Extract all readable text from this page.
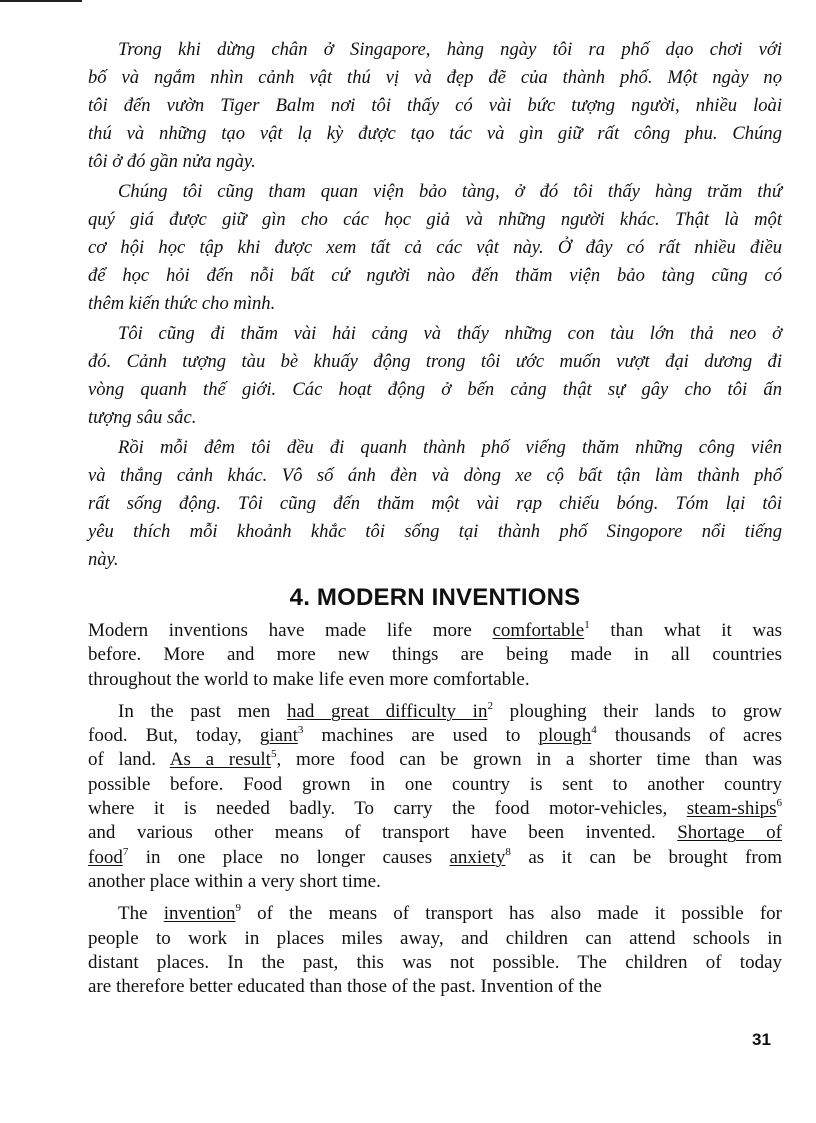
Trong khi dừng chân ở Singapore, hàng ngày tôi ra phố dạo chơi với
bố và ngắm nhìn cảnh vật thú vị và đẹp đẽ của thành phố. Một ngày nọ
tôi đến vườn Tiger Balm nơi tôi thấy có vài bức tượng người, nhiều loài
thú và những tạo vật lạ kỳ được tạo tác và gìn giữ rất công phu. Chúng
tôi ở đó gần nửa ngày.
Chúng tôi cũng tham quan viện bảo tàng, ở đó tôi thấy hàng trăm thứ
quý giá được giữ gìn cho các học giả và những người khác. Thật là một
cơ hội học tập khi được xem tất cả các vật này. Ở đây có rất nhiều điều
để học hỏi đến nỗi bất cứ người nào đến thăm viện bảo tàng cũng có
thêm kiến thức cho mình.
Tôi cũng đi thăm vài hải cảng và thấy những con tàu lớn thả neo ở
đó. Cảnh tượng tàu bè khuấy động trong tôi ước muốn vượt đại dương đi
vòng quanh thế giới. Các hoạt động ở bến cảng thật sự gây cho tôi ấn
tượng sâu sắc.
Rồi mỗi đêm tôi đều đi quanh thành phố viếng thăm những công viên
và thắng cảnh khác. Vô số ánh đèn và dòng xe cộ bất tận làm thành phố
rất sống động. Tôi cũng đến thăm một vài rạp chiếu bóng. Tóm lại tôi
yêu thích mỗi khoảnh khắc tôi sống tại thành phố Singopore nổi tiếng
này.
4. MODERN INVENTIONS
Modern inventions have made life more comfortable$^1$ than what it was
before. More and more new things are being made in all countries
throughout the world to make life even more comfortable.
In the past men had great difficulty $in^2$ ploughing their lands to grow
food. But, today, giant$^3$ machines are used to plough$^4$ thousands of acres
of land. As a result$^5$, more food can be grown in a shorter time than was
possible before. Food grown in one country is sent to another country
where it is needed badly. To carry the food motor-vehicles, steam-ships$^6$
and various other means of transport have been invented. Shortage of
food$^7$ in one place no longer causes anxiety$^8$ as it can be brought from
another place within a very short time.
The invention$^9$ of the means of transport has also made it possible for
people to work in places miles away, and children can attend schools in
distant places. In the past, this was not possible. The children of today
are therefore better educated than those of the past. Invention of the
31
